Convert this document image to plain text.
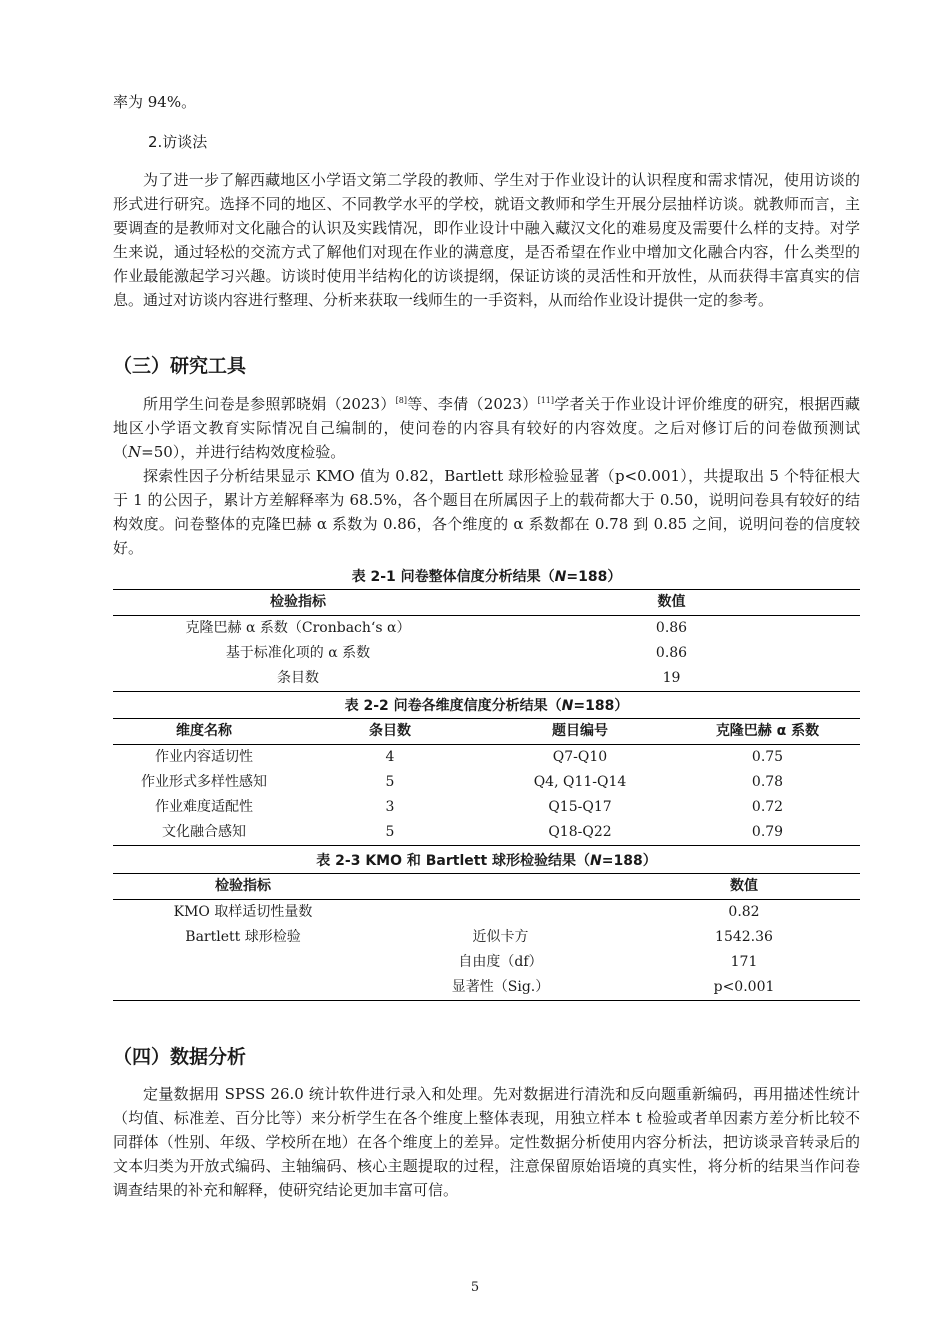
率为 94%。

2.访谈法

为了进一步了解西藏地区小学语文第二学段的教师、学生对于作业设计的认识程度和需求情况，使用访谈的形式进行研究。选择不同的地区、不同教学水平的学校，就语文教师和学生开展分层抽样访谈。就教师而言，主要调查的是教师对文化融合的认识及实践情况，即作业设计中融入藏汉文化的难易度及需要什么样的支持。对学生来说，通过轻松的交流方式了解他们对现在作业的满意度，是否希望在作业中增加文化融合内容，什么类型的作业最能激起学习兴趣。访谈时使用半结构化的访谈提纲，保证访谈的灵活性和开放性，从而获得丰富真实的信息。通过对访谈内容进行整理、分析来获取一线师生的一手资料，从而给作业设计提供一定的参考。

（三）研究工具

所用学生问卷是参照郭晓娟（2023）[8]等、李倩（2023）[11]学者关于作业设计评价维度的研究，根据西藏地区小学语文教育实际情况自己编制的，使问卷的内容具有较好的内容效度。之后对修订后的问卷做预测试（N=50），并进行结构效度检验。

探索性因子分析结果显示 KMO 值为 0.82，Bartlett 球形检验显著（p<0.001），共提取出 5 个特征根大于 1 的公因子，累计方差解释率为 68.5%，各个题目在所属因子上的载荷都大于 0.50，说明问卷具有较好的结构效度。问卷整体的克隆巴赫 α 系数为 0.86，各个维度的 α 系数都在 0.78 到 0.85 之间，说明问卷的信度较好。

表 2-1 问卷整体信度分析结果（N=188）
检验指标	数值
克隆巴赫 α 系数（Cronbach‘s α）	0.86
基于标准化项的 α 系数	0.86
条目数	19
表 2-2 问卷各维度信度分析结果（N=188）
维度名称	条目数	题目编号	克隆巴赫 α 系数
作业内容适切性	4	Q7-Q10	0.75
作业形式多样性感知	5	Q4, Q11-Q14	0.78
作业难度适配性	3	Q15-Q17	0.72
文化融合感知	5	Q18-Q22	0.79
表 2-3 KMO 和 Bartlett 球形检验结果（N=188）
检验指标		数值
KMO 取样适切性量数		0.82
Bartlett 球形检验	近似卡方	1542.36
	自由度（df）	171
	显著性（Sig.）	p<0.001

（四）数据分析

定量数据用 SPSS 26.0 统计软件进行录入和处理。先对数据进行清洗和反向题重新编码，再用描述性统计（均值、标准差、百分比等）来分析学生在各个维度上整体表现，用独立样本 t 检验或者单因素方差分析比较不同群体（性别、年级、学校所在地）在各个维度上的差异。定性数据分析使用内容分析法，把访谈录音转录后的文本归类为开放式编码、主轴编码、核心主题提取的过程，注意保留原始语境的真实性，将分析的结果当作问卷调查结果的补充和解释，使研究结论更加丰富可信。

5
